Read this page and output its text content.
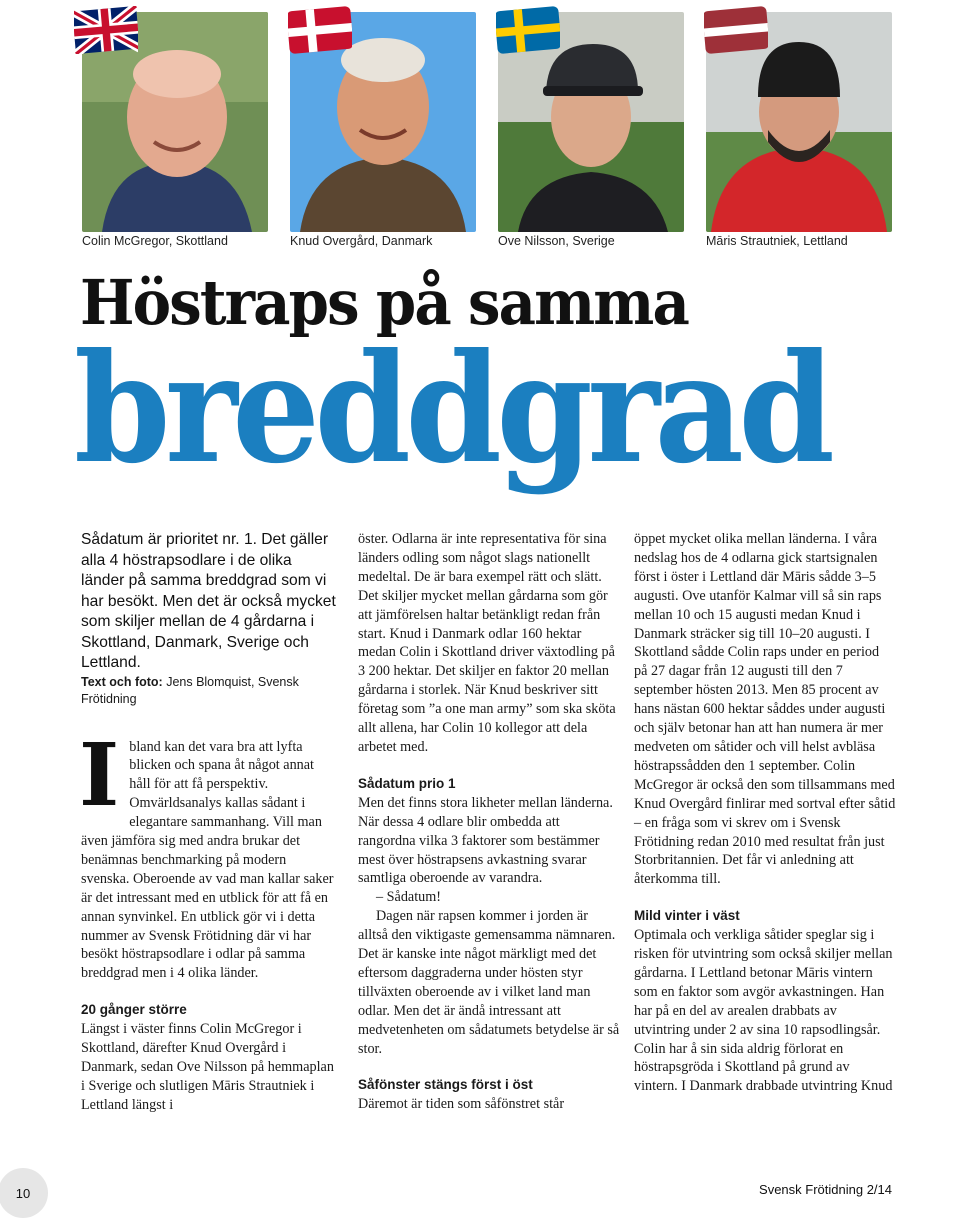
Colin McGregor, Skottland	Knud Overgård, Danmark	Ove Nilsson, Sverige	Māris Strautniek, Lettland
Höstraps på samma
breddgrad

Sådatum är prioritet nr. 1. Det gäller alla 4 höstrapsodlare i de olika länder på samma breddgrad som vi har besökt. Men det är också mycket som skiljer mellan de 4 gårdarna i Skottland, Danmark, Sverige och Lettland.

Text och foto: Jens Blomquist, Svensk Frötidning

I bland kan det vara bra att lyfta blicken och spana åt något annat håll för att få perspektiv. Omvärldsanalys kallas sådant i elegantare sammanhang. Vill man även jämföra sig med andra brukar det benämnas benchmarking på modern svenska. Oberoende av vad man kallar saker är det intressant med en utblick för att få en annan synvinkel. En utblick gör vi i detta nummer av Svensk Frötidning där vi har besökt höstrapsodlare i odlar på samma breddgrad men i 4 olika länder.

20 gånger större

Längst i väster finns Colin McGregor i Skottland, därefter Knud Overgård i Danmark, sedan Ove Nilsson på hemmaplan i Sverige och slutligen Māris Strautniek i Lettland längst i

öster. Odlarna är inte representativa för sina länders odling som något slags nationellt medeltal. De är bara exempel rätt och slätt. Det skiljer mycket mellan gårdarna som gör att jämförelsen haltar betänkligt redan från start. Knud i Danmark odlar 160 hektar medan Colin i Skottland driver växtodling på 3 200 hektar. Det skiljer en faktor 20 mellan gårdarna i storlek. När Knud beskriver sitt företag som ”a one man army” som ska sköta allt allena, har Colin 10 kollegor att dela arbetet med.

Sådatum prio 1

Men det finns stora likheter mellan länderna. När dessa 4 odlare blir ombedda att rangordna vilka 3 faktorer som bestämmer mest över höstrapsens avkastning svarar samtliga oberoende av varandra.

– Sådatum!

Dagen när rapsen kommer i jorden är alltså den viktigaste gemensamma nämnaren. Det är kanske inte något märkligt med det eftersom daggraderna under hösten styr tillväxten oberoende av i vilket land man odlar. Men det är ändå intressant att medvetenheten om sådatumets betydelse är så stor.

Såfönster stängs först i öst

Däremot är tiden som såfönstret står

öppet mycket olika mellan länderna. I våra nedslag hos de 4 odlarna gick startsignalen först i öster i Lettland där Māris sådde 3–5 augusti. Ove utanför Kalmar vill så sin raps mellan 10 och 15 augusti medan Knud i Danmark sträcker sig till 10–20 augusti. I Skottland sådde Colin raps under en period på 27 dagar från 12 augusti till den 7 september hösten 2013. Men 85 procent av hans nästan 600 hektar såddes under augusti och själv betonar han att han numera är mer medveten om såtider och vill helst avbläsa höstrapssådden den 1 september. Colin McGregor är också den som tillsammans med Knud Overgård finlirar med sortval efter såtid – en fråga som vi skrev om i Svensk Frötidning redan 2010 med resultat från just Storbritannien. Det får vi anledning att återkomma till.

Mild vinter i väst

Optimala och verkliga såtider speglar sig i risken för utvintring som också skiljer mellan gårdarna. I Lettland betonar Māris vintern som en faktor som avgör avkastningen. Han har på en del av arealen drabbats av utvintring under 2 av sina 10 rapsodlingsår. Colin har å sin sida aldrig förlorat en höstrapsgröda i Skottland på grund av vintern. I Danmark drabbade utvintring Knud

10	Svensk Frötidning 2/14
